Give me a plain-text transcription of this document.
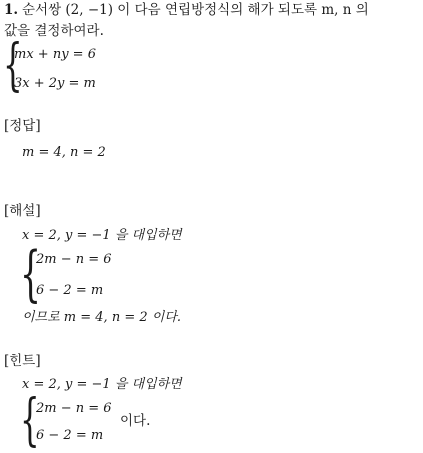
1. 순서쌍 (2, −1) 이 다음 연립방정식의 해가 되도록 m, n 의
값을 결정하여라.
{
mx + ny = 6
3x + 2y = m
[정답]
m = 4, n = 2
[해설]
x = 2, y = −1 을 대입하면
{
2m − n = 6
6 − 2 = m
이므로 m = 4, n = 2 이다.
[힌트]
x = 2, y = −1 을 대입하면
{
2m − n = 6
6 − 2 = m
이다.
